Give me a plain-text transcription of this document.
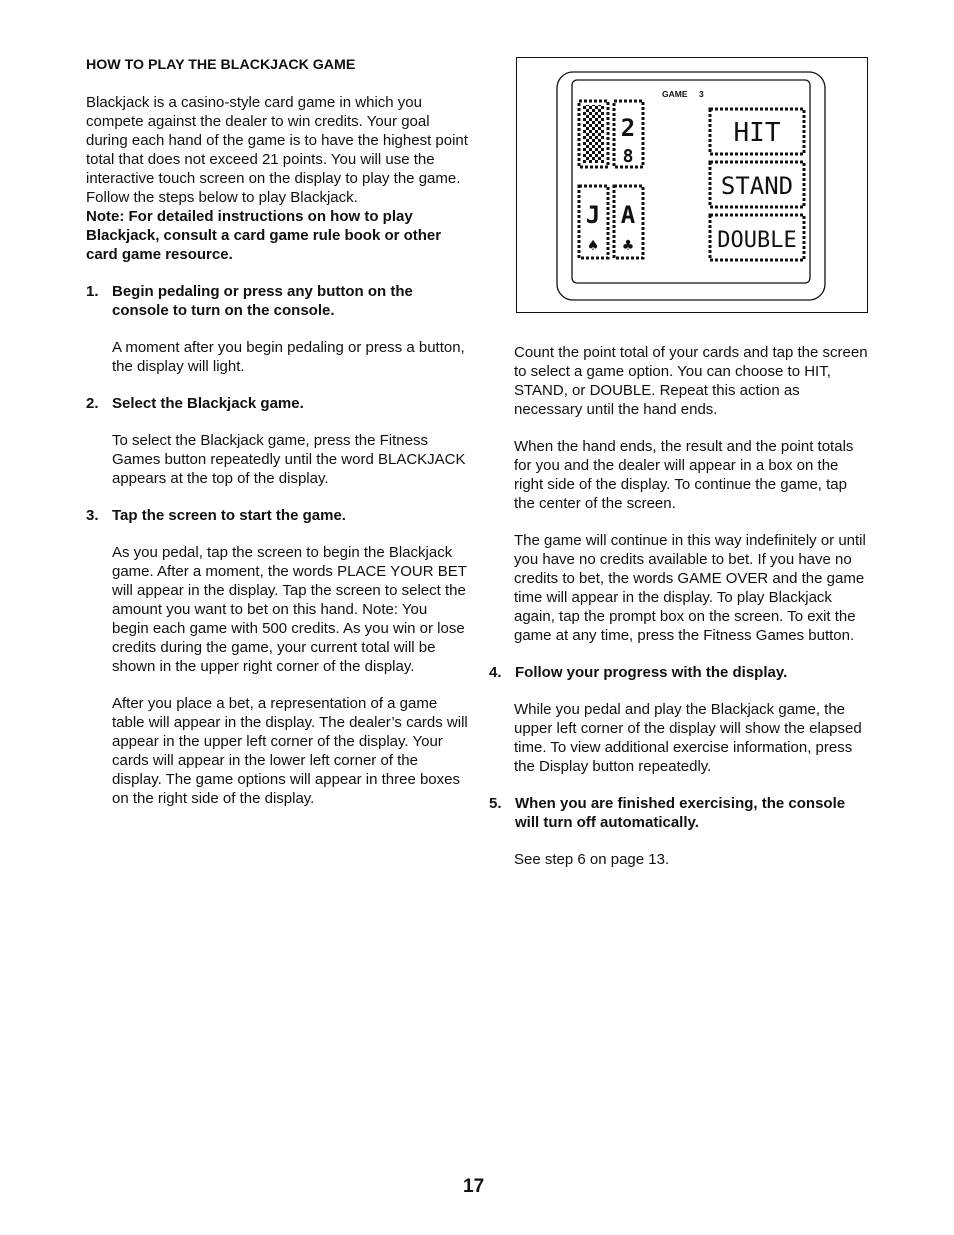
HOW TO PLAY THE BLACKJACK GAME

Blackjack is a casino-style card game in which you compete against the dealer to win credits. Your goal during each hand of the game is to have the highest point total that does not exceed 21 points. You will use the interactive touch screen on the display to play the game. Follow the steps below to play Blackjack.

Note: For detailed instructions on how to play Blackjack, consult a card game rule book or other card game resource.

1. Begin pedaling or press any button on the console to turn on the console.

A moment after you begin pedaling or press a button, the display will light.

2. Select the Blackjack game.

To select the Blackjack game, press the Fitness Games button repeatedly until the word BLACKJACK appears at the top of the display.

3. Tap the screen to start the game.

As you pedal, tap the screen to begin the Blackjack game. After a moment, the words PLACE YOUR BET will appear in the display. Tap the screen to select the amount you want to bet on this hand. Note: You begin each game with 500 credits. As you win or lose credits during the game, your current total will be shown in the upper right corner of the display.

After you place a bet, a representation of a game table will appear in the display. The dealer’s cards will appear in the upper left corner of the display. Your cards will appear in the lower left corner of the display. The game options will appear in three boxes on the right side of the display.

GAME 3
2
8
J
♠
A
♣
HIT
STAND
DOUBLE

Count the point total of your cards and tap the screen to select a game option. You can choose to HIT, STAND, or DOUBLE. Repeat this action as necessary until the hand ends.

When the hand ends, the result and the point totals for you and the dealer will appear in a box on the right side of the display. To continue the game, tap the center of the screen.

The game will continue in this way indefinitely or until you have no credits available to bet. If you have no credits to bet, the words GAME OVER and the game time will appear in the display. To play Blackjack again, tap the prompt box on the screen. To exit the game at any time, press the Fitness Games button.

4. Follow your progress with the display.

While you pedal and play the Blackjack game, the upper left corner of the display will show the elapsed time. To view additional exercise information, press the Display button repeatedly.

5. When you are finished exercising, the console will turn off automatically.

See step 6 on page 13.

17
